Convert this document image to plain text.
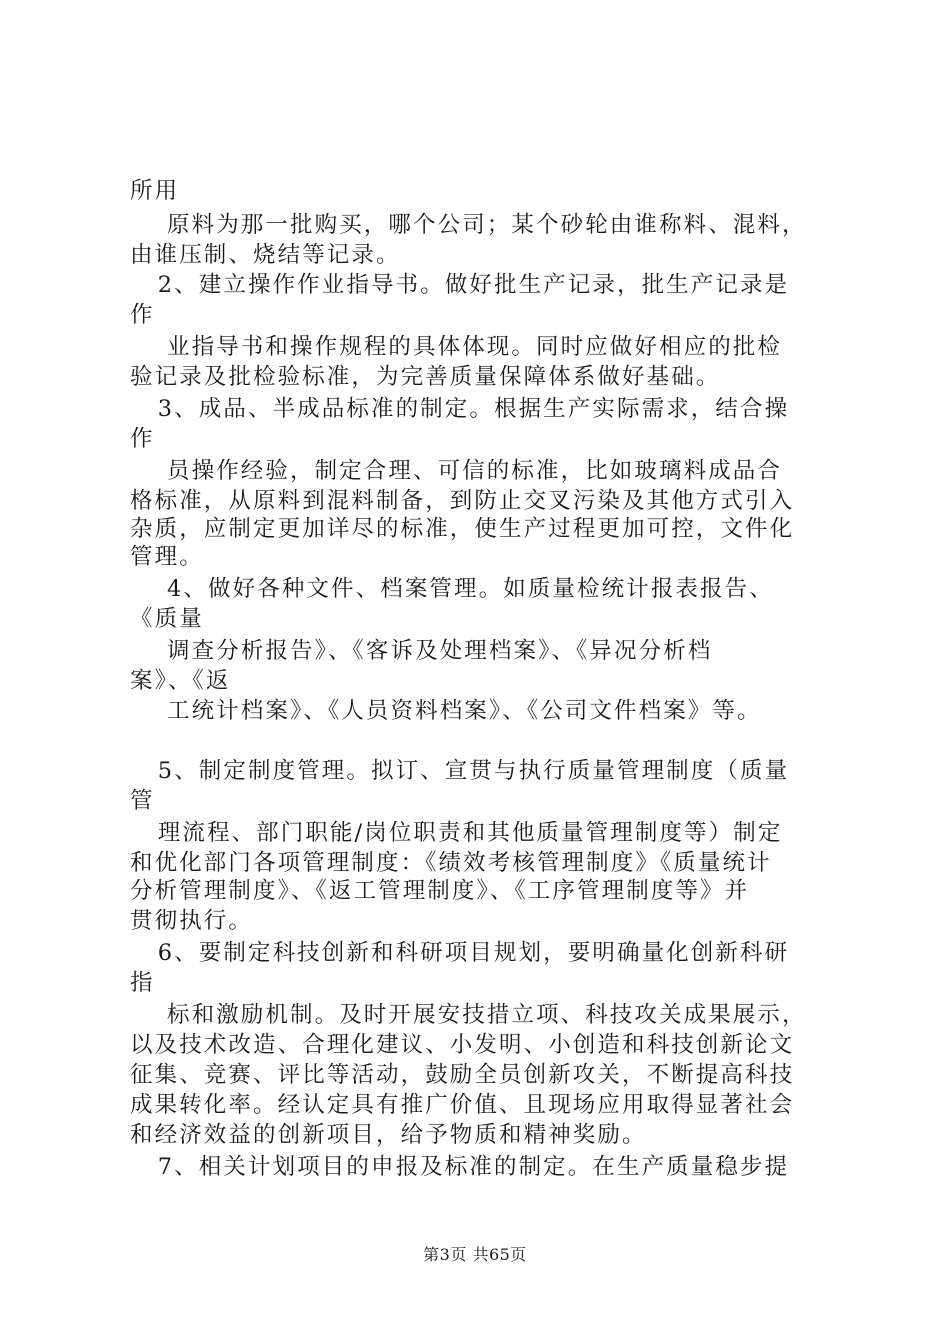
所用
原料为那一批购买，哪个公司；某个砂轮由谁称料、混料，
由谁压制、烧结等记录。
2、建立操作作业指导书。做好批生产记录，批生产记录是
作
业指导书和操作规程的具体体现。同时应做好相应的批检
验记录及批检验标准，为完善质量保障体系做好基础。
3、成品、半成品标准的制定。根据生产实际需求，结合操
作
员操作经验，制定合理、可信的标准，比如玻璃料成品合
格标准，从原料到混料制备，到防止交叉污染及其他方式引入
杂质，应制定更加详尽的标准，使生产过程更加可控，文件化
管理。
4、做好各种文件、档案管理。如质量检统计报表报告、
《质量
调查分析报告》、《客诉及处理档案》、《异况分析档
案》、《返
工统计档案》、《人员资料档案》、《公司文件档案》等。
5、制定制度管理。拟订、宣贯与执行质量管理制度（质量
管
理流程、部门职能/岗位职责和其他质量管理制度等）制定
和优化部门各项管理制度：《绩效考核管理制度》《质量统计
分析管理制度》、《返工管理制度》、《工序管理制度等》并
贯彻执行。
6、要制定科技创新和科研项目规划，要明确量化创新科研
指
标和激励机制。及时开展安技措立项、科技攻关成果展示，
以及技术改造、合理化建议、小发明、小创造和科技创新论文
征集、竞赛、评比等活动，鼓励全员创新攻关，不断提高科技
成果转化率。经认定具有推广价值、且现场应用取得显著社会
和经济效益的创新项目，给予物质和精神奖励。
7、相关计划项目的申报及标准的制定。在生产质量稳步提
第3页 共65页
